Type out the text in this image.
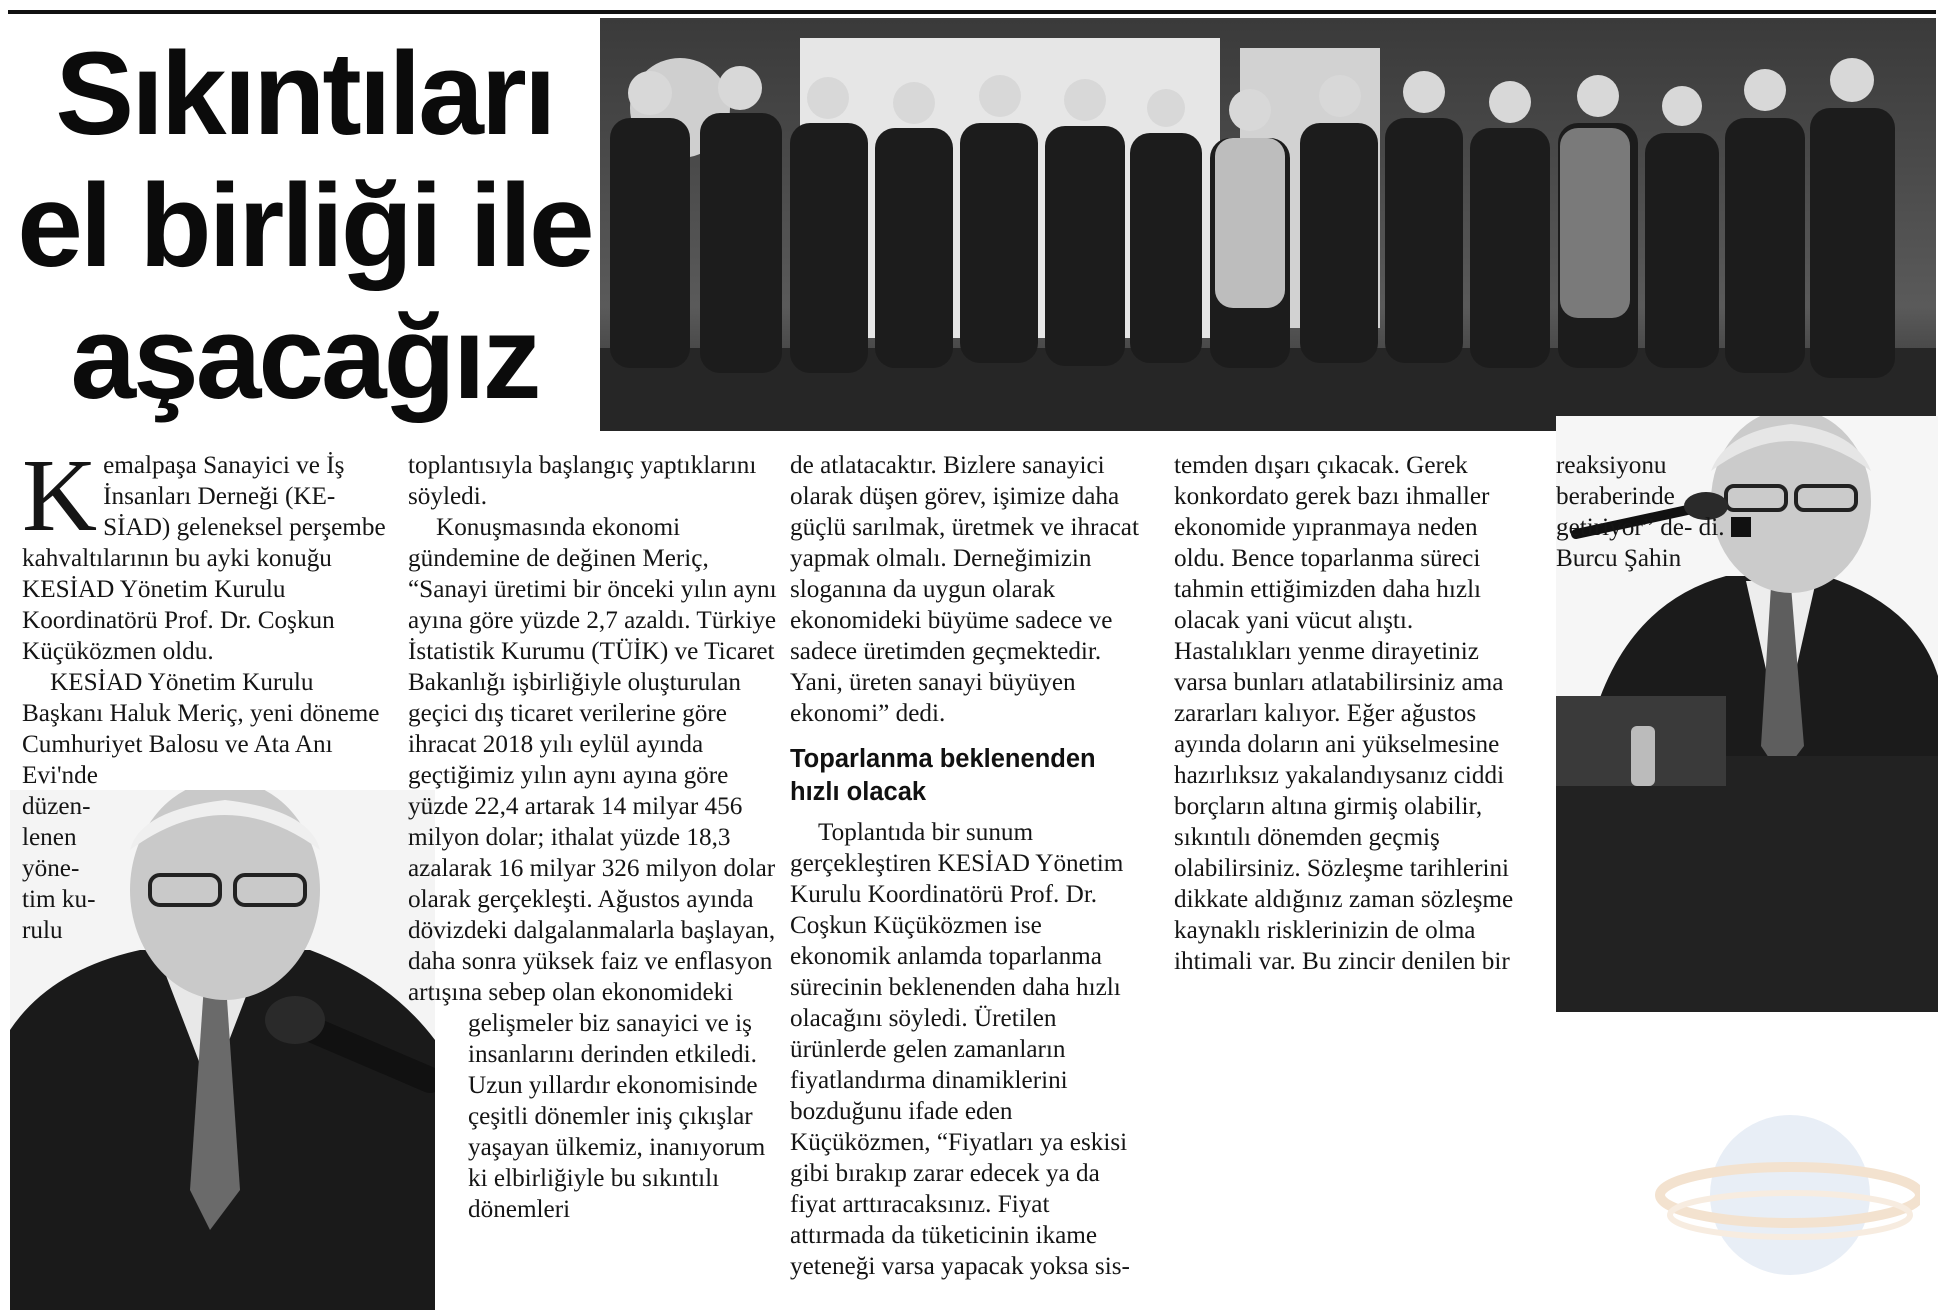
Sıkıntıları
el birliği ile
aşacağız

Kemalpaşa Sanayici ve İş İnsanları Derneği (KE-SİAD) geleneksel perşembe kahvaltılarının bu ayki konuğu KESİAD Yönetim Kurulu Koordinatörü Prof. Dr. Coşkun Küçüközmen oldu.

KESİAD Yönetim Kurulu Başkanı Haluk Meriç, yeni döneme Cumhuriyet Balosu ve Ata Anı

Evi'nde
düzen-
lenen
yöne-
tim ku-
rulu

toplantısıyla başlangıç yaptıklarını söyledi.

Konuşmasında ekonomi gündemine de değinen Meriç, “Sanayi üretimi bir önceki yılın aynı ayına göre yüzde 2,7 azaldı. Türkiye İstatistik Kurumu (TÜİK) ve Ticaret Bakanlığı işbirliğiyle oluşturulan geçici dış ticaret verilerine göre ihracat 2018 yılı eylül ayında geçtiğimiz yılın aynı ayına göre yüzde 22,4 artarak 14 milyar 456 milyon dolar; ithalat yüzde 18,3 azalarak 16 milyar 326 milyon dolar olarak gerçekleşti. Ağustos ayında dövizdeki dalgalanmalarla başlayan, daha sonra yüksek faiz ve enflasyon artışına sebep olan ekonomideki

gelişmeler biz sanayici ve iş insanlarını derinden etkiledi. Uzun yıllardır ekonomisinde çeşitli dönemler iniş çıkışlar yaşayan ülkemiz, inanıyorum ki elbirliğiyle bu sıkıntılı dönemleri

de atlatacaktır. Bizlere sanayici olarak düşen görev, işimize daha güçlü sarılmak, üretmek ve ihracat yapmak olmalı. Derneğimizin sloganına da uygun olarak ekonomideki büyüme sadece ve sadece üretimden geçmektedir. Yani, üreten sanayi büyüyen ekonomi” dedi.

Toparlanma beklenenden hızlı olacak

Toplantıda bir sunum gerçekleştiren KESİAD Yönetim Kurulu Koordinatörü Prof. Dr. Coşkun Küçüközmen ise ekonomik anlamda toparlanma sürecinin beklenenden daha hızlı olacağını söyledi. Üretilen ürünlerde gelen zamanların fiyatlandırma dinamiklerini bozduğunu ifade eden Küçüközmen, “Fiyatları ya eskisi gibi bırakıp zarar edecek ya da fiyat arttıracaksınız. Fiyat attırmada da tüketicinin ikame yeteneği varsa yapacak yoksa sis-

temden dışarı çıkacak. Gerek konkordato gerek bazı ihmaller ekonomide yıpranmaya neden oldu. Bence toparlanma süreci tahmin ettiğimizden daha hızlı olacak yani vücut alıştı. Hastalıkları yenme dirayetiniz varsa bunları atlatabilirsiniz ama zararları kalıyor. Eğer ağustos ayında doların ani yükselmesine hazırlıksız yakalandıysanız ciddi borçların altına girmiş olabilir, sıkıntılı dönemden geçmiş olabilirsiniz. Sözleşme tarihlerini dikkate aldığınız zaman sözleşme kaynaklı risklerinizin de olma ihtimali var. Bu zincir denilen bir

reaksiyonu beraberinde getiriyor” de- di.  Burcu Şahin
